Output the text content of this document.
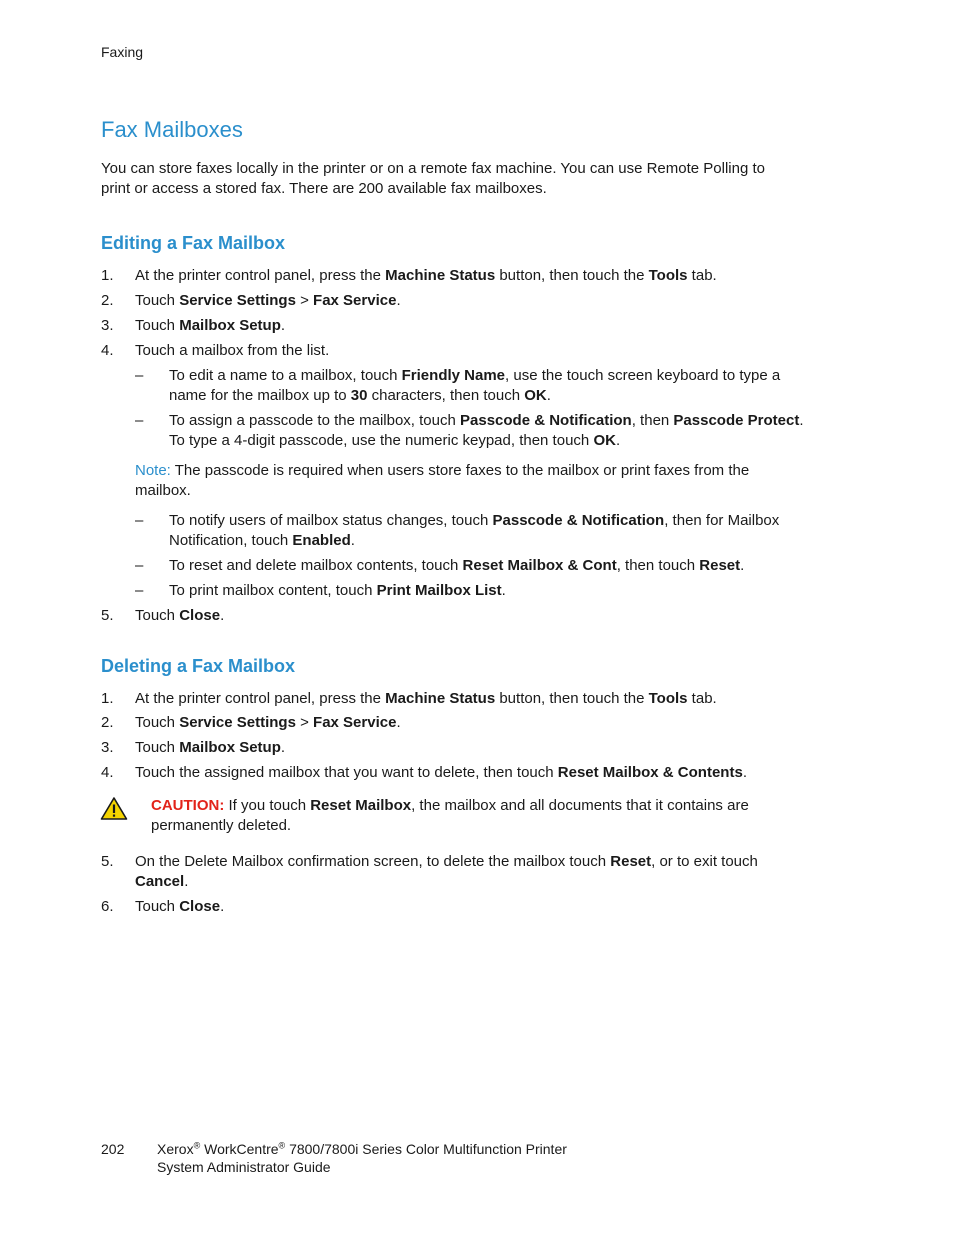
Faxing
Fax Mailboxes
You can store faxes locally in the printer or on a remote fax machine. You can use Remote Polling to
print or access a stored fax. There are 200 available fax mailboxes.
Editing a Fax Mailbox
1. At the printer control panel, press the Machine Status button, then touch the Tools tab.
2. Touch Service Settings > Fax Service.
3. Touch Mailbox Setup.
4. Touch a mailbox from the list.
– To edit a name to a mailbox, touch Friendly Name, use the touch screen keyboard to type a
name for the mailbox up to 30 characters, then touch OK.
– To assign a passcode to the mailbox, touch Passcode & Notification, then Passcode Protect.
To type a 4-digit passcode, use the numeric keypad, then touch OK.
Note: The passcode is required when users store faxes to the mailbox or print faxes from the
mailbox.
– To notify users of mailbox status changes, touch Passcode & Notification, then for Mailbox
Notification, touch Enabled.
– To reset and delete mailbox contents, touch Reset Mailbox & Cont, then touch Reset.
– To print mailbox content, touch Print Mailbox List.
5. Touch Close.
Deleting a Fax Mailbox
1. At the printer control panel, press the Machine Status button, then touch the Tools tab.
2. Touch Service Settings > Fax Service.
3. Touch Mailbox Setup.
4. Touch the assigned mailbox that you want to delete, then touch Reset Mailbox & Contents.
CAUTION: If you touch Reset Mailbox, the mailbox and all documents that it contains are
permanently deleted.
5. On the Delete Mailbox confirmation screen, to delete the mailbox touch Reset, or to exit touch
Cancel.
6. Touch Close.
202 Xerox® WorkCentre® 7800/7800i Series Color Multifunction Printer
System Administrator Guide
